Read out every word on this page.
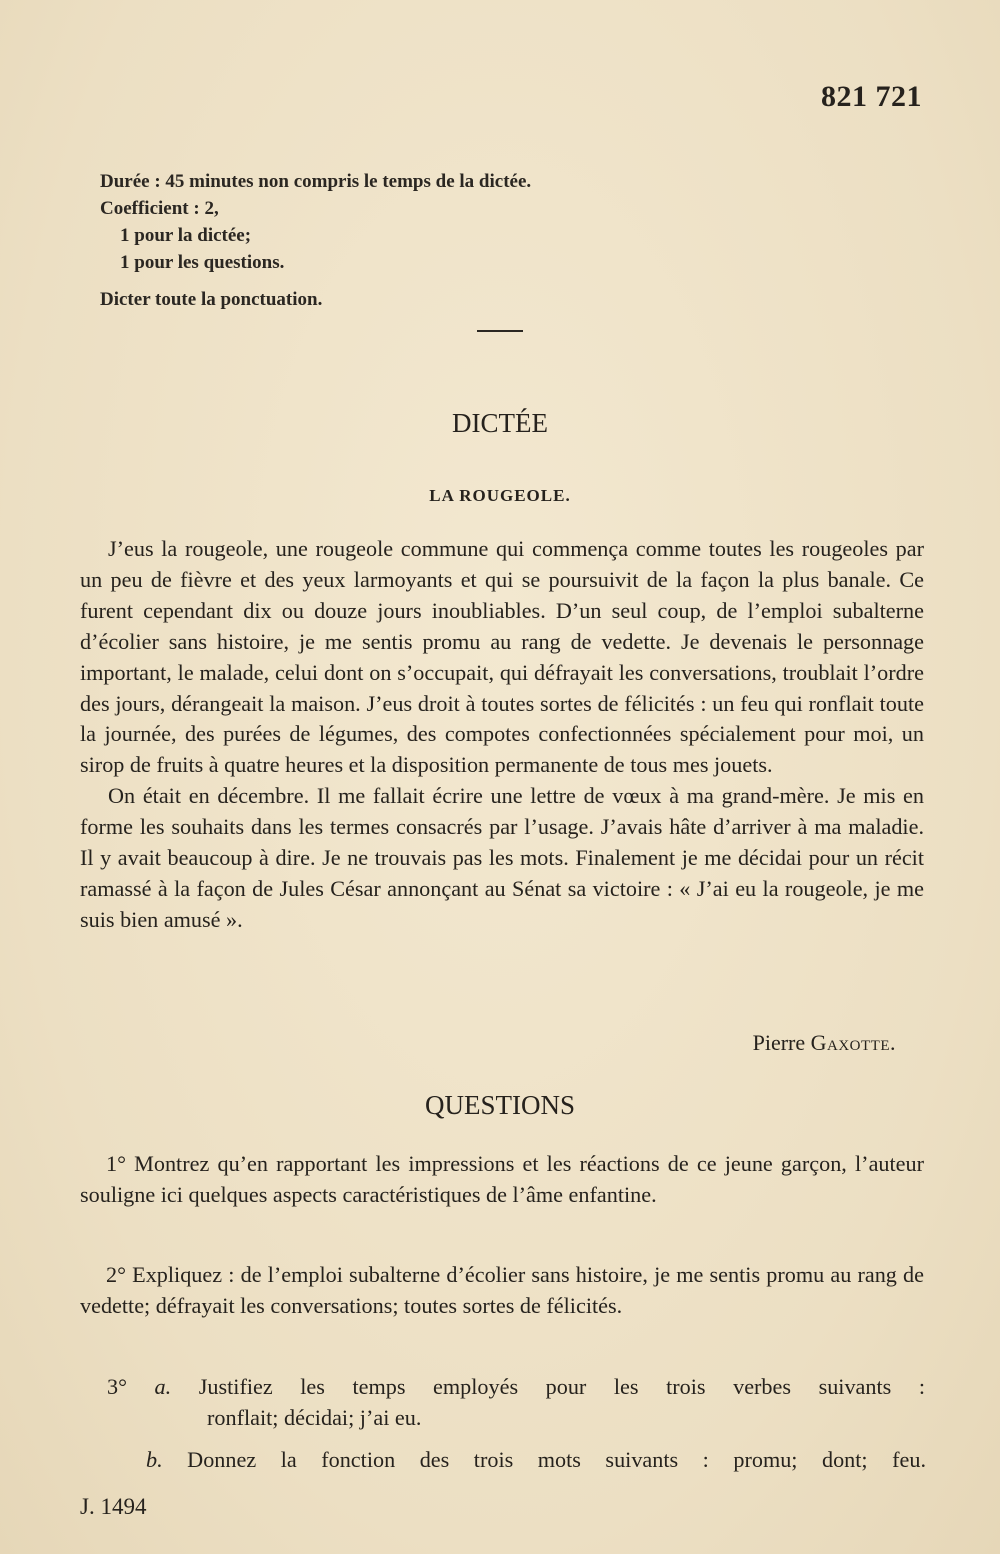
821 721
Durée : 45 minutes non compris le temps de la dictée.
Coefficient : 2,
1 pour la dictée;
1 pour les questions.
Dicter toute la ponctuation.
DICTÉE
LA ROUGEOLE.

J’eus la rougeole, une rougeole commune qui commença comme toutes les rougeoles par un peu de fièvre et des yeux larmoyants et qui se poursuivit de la façon la plus banale. Ce furent cependant dix ou douze jours inoubliables. D’un seul coup, de l’emploi subalterne d’écolier sans histoire, je me sentis promu au rang de vedette. Je devenais le personnage important, le malade, celui dont on s’occupait, qui défrayait les conversations, troublait l’ordre des jours, dérangeait la maison. J’eus droit à toutes sortes de félicités : un feu qui ronflait toute la journée, des purées de légumes, des compotes confectionnées spécialement pour moi, un sirop de fruits à quatre heures et la disposition permanente de tous mes jouets.

On était en décembre. Il me fallait écrire une lettre de vœux à ma grand-mère. Je mis en forme les souhaits dans les termes consacrés par l’usage. J’avais hâte d’arriver à ma maladie. Il y avait beaucoup à dire. Je ne trouvais pas les mots. Finalement je me décidai pour un récit ramassé à la façon de Jules César annonçant au Sénat sa victoire : « J’ai eu la rougeole, je me suis bien amusé ».

Pierre Gaxotte.
QUESTIONS
1° Montrez qu’en rapportant les impressions et les réactions de ce jeune garçon, l’auteur souligne ici quelques aspects caractéristiques de l’âme enfantine.
2° Expliquez : de l’emploi subalterne d’écolier sans histoire, je me sentis promu au rang de vedette; défrayait les conversations; toutes sortes de félicités.
3° a. Justifiez les temps employés pour les trois verbes suivants :
ronflait; décidai; j’ai eu.
b. Donnez la fonction des trois mots suivants : promu; dont; feu.
J. 1494
